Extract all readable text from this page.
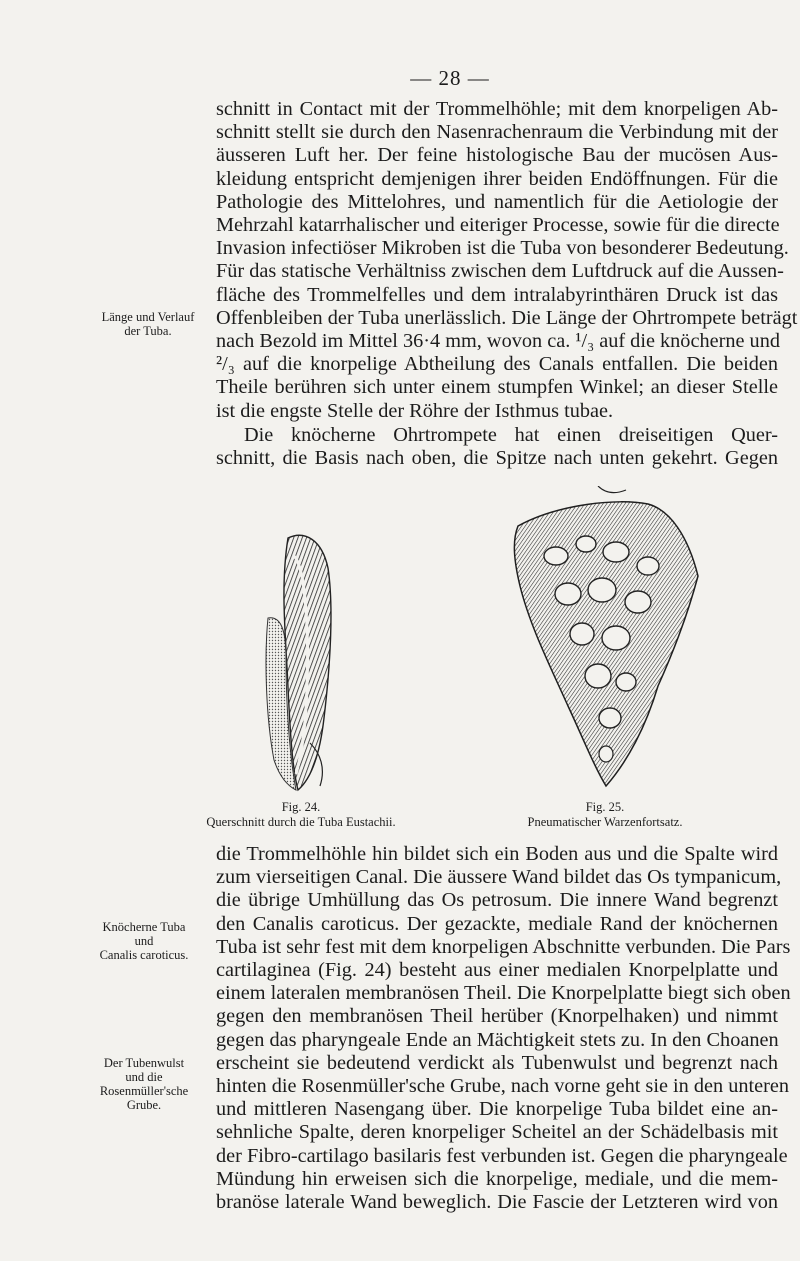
— 28 —
schnitt in Contact mit der Trommelhöhle; mit dem knorpeligen Ab-
schnitt stellt sie durch den Nasenrachenraum die Verbindung mit der
äusseren Luft her. Der feine histologische Bau der mucösen Aus-
kleidung entspricht demjenigen ihrer beiden Endöffnungen. Für die
Pathologie des Mittelohres, und namentlich für die Aetiologie der
Mehrzahl katarrhalischer und eiteriger Processe, sowie für die directe
Invasion infectiöser Mikroben ist die Tuba von besonderer Bedeutung.
Für das statische Verhältniss zwischen dem Luftdruck auf die Aussen-
fläche des Trommelfelles und dem intralabyrinthären Druck ist das
Offenbleiben der Tuba unerlässlich. Die Länge der Ohrtrompete beträgt
nach Bezold im Mittel 36·4 mm, wovon ca. ¹/₃ auf die knöcherne und
²/₃ auf die knorpelige Abtheilung des Canals entfallen. Die beiden
Theile berühren sich unter einem stumpfen Winkel; an dieser Stelle
ist die engste Stelle der Röhre der Isthmus tubae.
Die knöcherne Ohrtrompete hat einen dreiseitigen Quer-
schnitt, die Basis nach oben, die Spitze nach unten gekehrt. Gegen
Länge und Verlauf
der Tuba.
Fig. 24.
Querschnitt durch die Tuba Eustachii.
Fig. 25.
Pneumatischer Warzenfortsatz.
die Trommelhöhle hin bildet sich ein Boden aus und die Spalte wird
zum vierseitigen Canal. Die äussere Wand bildet das Os tympanicum,
die übrige Umhüllung das Os petrosum. Die innere Wand begrenzt
den Canalis caroticus. Der gezackte, mediale Rand der knöchernen
Tuba ist sehr fest mit dem knorpeligen Abschnitte verbunden. Die Pars
cartilaginea (Fig. 24) besteht aus einer medialen Knorpelplatte und
einem lateralen membranösen Theil. Die Knorpelplatte biegt sich oben
gegen den membranösen Theil herüber (Knorpelhaken) und nimmt
gegen das pharyngeale Ende an Mächtigkeit stets zu. In den Choanen
erscheint sie bedeutend verdickt als Tubenwulst und begrenzt nach
hinten die Rosenmüller'sche Grube, nach vorne geht sie in den unteren
und mittleren Nasengang über. Die knorpelige Tuba bildet eine an-
sehnliche Spalte, deren knorpeliger Scheitel an der Schädelbasis mit
der Fibro-cartilago basilaris fest verbunden ist. Gegen die pharyngeale
Mündung hin erweisen sich die knorpelige, mediale, und die mem-
branöse laterale Wand beweglich. Die Fascie der Letzteren wird von
Knöcherne Tuba
und
Canalis caroticus.
Der Tubenwulst
und die
Rosenmüller'sche
Grube.
